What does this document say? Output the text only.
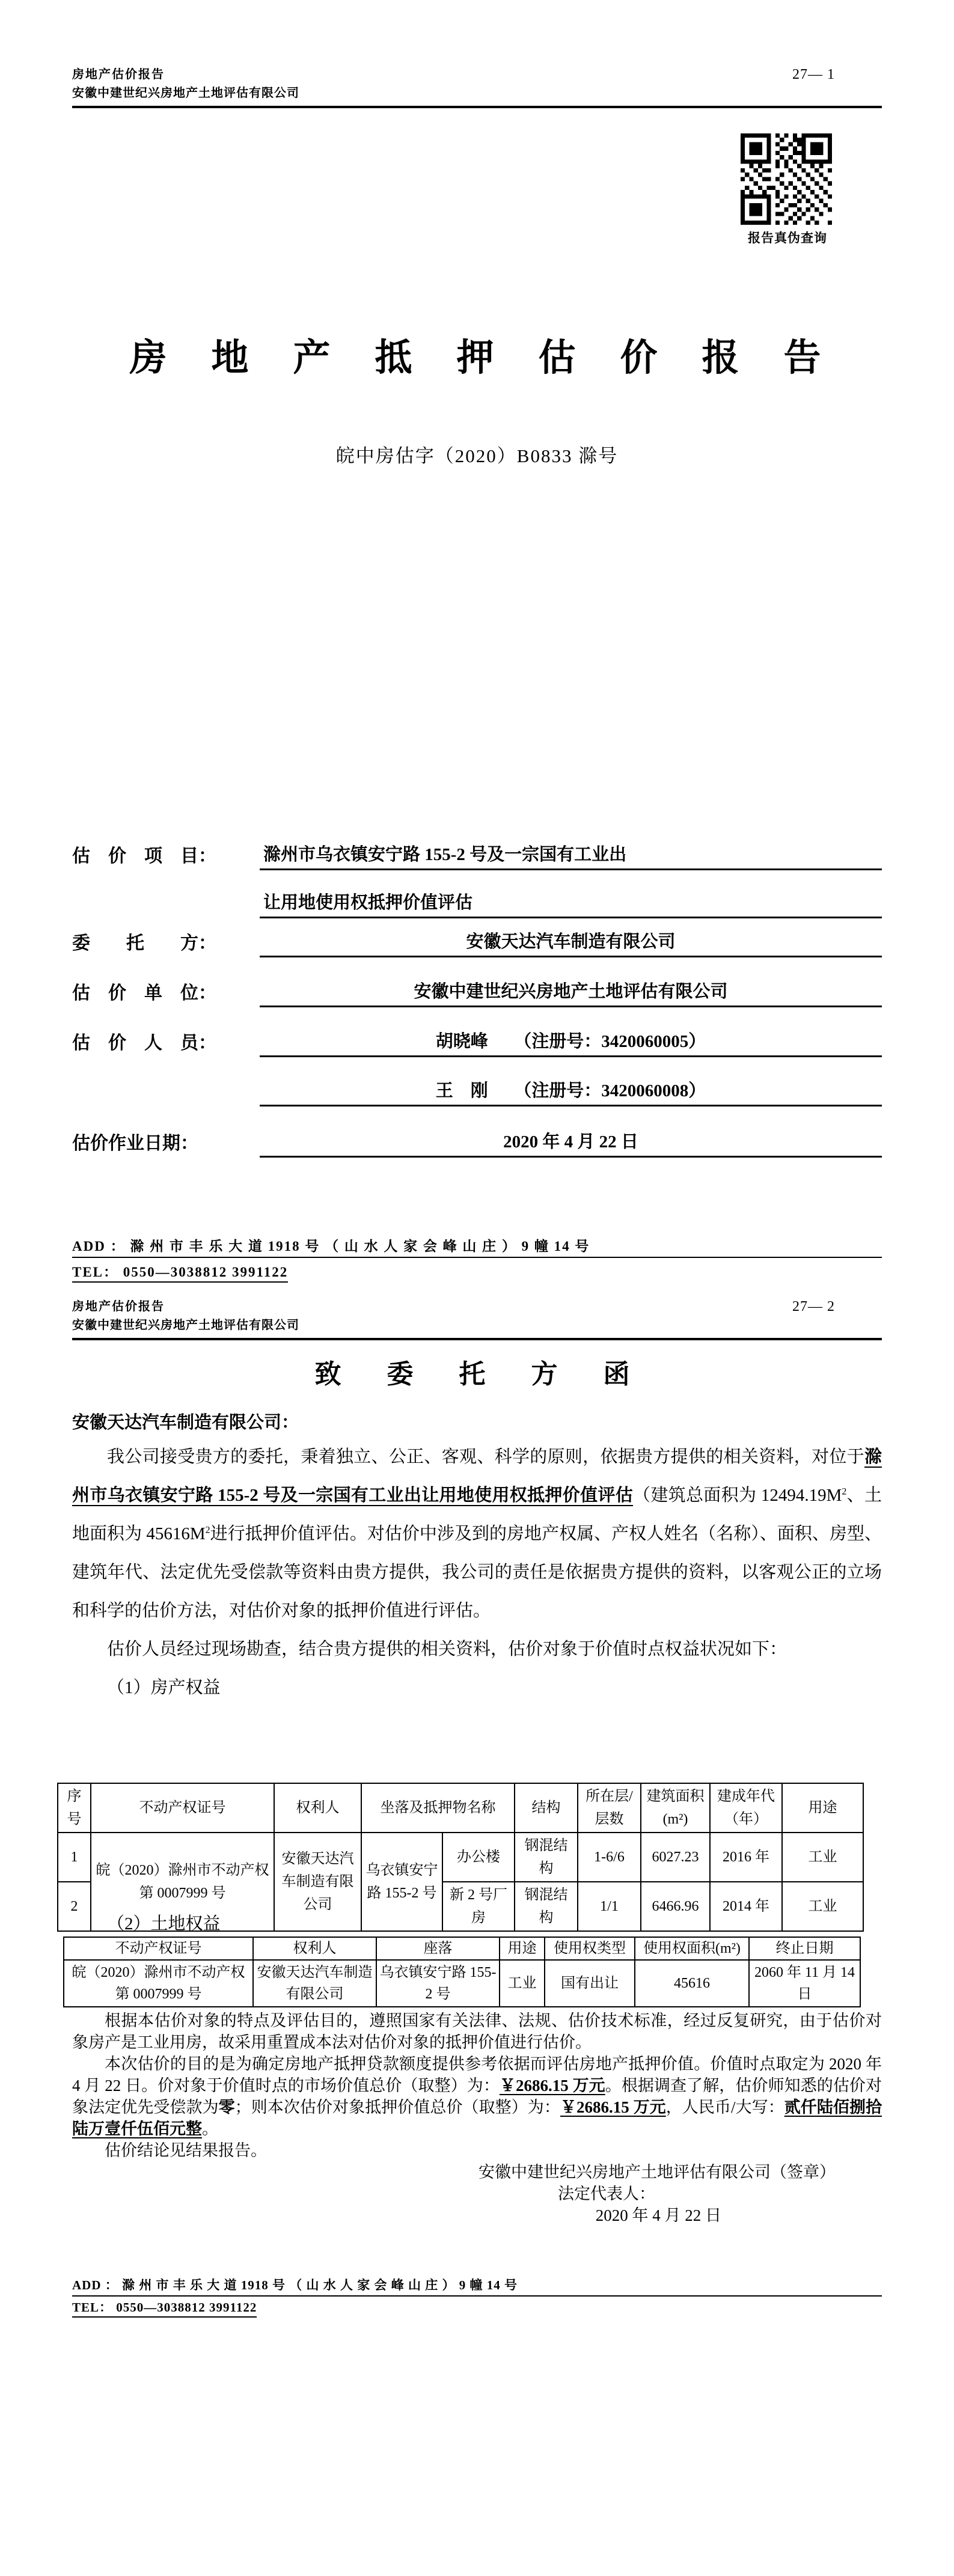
房地产估价报告	27— 1
安徽中建世纪兴房地产土地评估有限公司
报告真伪查询
房　地　产　抵　押　估　价　报　告
皖中房估字（2020）B0833 滁号
估　价　项　目：	滁州市乌衣镇安宁路 155-2 号及一宗国有工业出
让用地使用权抵押价值评估
委　　托　　方：	安徽天达汽车制造有限公司
估　价　单　位：	安徽中建世纪兴房地产土地评估有限公司
估　价　人　员：	胡晓峰　　（注册号：3420060005）
王　刚　　（注册号：3420060008）
估价作业日期：	2020 年 4 月 22 日
ADD ： 滁 州 市 丰 乐 大 道 1918 号 （ 山 水 人 家 会 峰 山 庄 ） 9 幢 14 号
TEL： 0550—3038812 3991122
房地产估价报告	27— 2
安徽中建世纪兴房地产土地评估有限公司
致　委　托　方　函
安徽天达汽车制造有限公司：

我公司接受贵方的委托，秉着独立、公正、客观、科学的原则，依据贵方提供的相关资料，对位于滁州市乌衣镇安宁路 155-2 号及一宗国有工业出让用地使用权抵押价值评估（建筑总面积为 $12494.19M^2$、土地面积为 $45616M^2$进行抵押价值评估。对估价中涉及到的房地产权属、产权人姓名（名称）、面积、房型、建筑年代、法定优先受偿款等资料由贵方提供，我公司的责任是依据贵方提供的资料，以客观公正的立场和科学的估价方法，对估价对象的抵押价值进行评估。

估价人员经过现场勘查，结合贵方提供的相关资料，估价对象于价值时点权益状况如下：

（1）房产权益

序号	不动产权证号	权利人	坐落及抵押物名称		结构	所在层/层数	建筑面积(m²)	建成年代（年）	用途
1	皖（2020）滁州市不动产权第 0007999 号	安徽天达汽车制造有限公司	乌衣镇安宁路 155-2 号	办公楼	钢混结构	1-6/6	6027.23	2016 年	工业
2				新 2 号厂房	钢混结构	1/1	6466.96	2014 年	工业
（2）土地权益
不动产权证号	权利人	座落	用途	使用权类型	使用权面积(m²)	终止日期
皖（2020）滁州市不动产权第 0007999 号	安徽天达汽车制造有限公司	乌衣镇安宁路 155-2 号	工业	国有出让	45616	2060 年 11 月 14 日

根据本估价对象的特点及评估目的，遵照国家有关法律、法规、估价技术标准，经过反复研究，由于估价对象房产是工业用房，故采用重置成本法对估价对象的抵押价值进行估价。

本次估价的目的是为确定房地产抵押贷款额度提供参考依据而评估房地产抵押价值。价值时点取定为 2020 年 4 月 22 日。价对象于价值时点的市场价值总价（取整）为：￥2686.15 万元。根据调查了解，估价师知悉的估价对象法定优先受偿款为零；则本次估价对象抵押价值总价（取整）为：￥2686.15 万元，人民币/大写：贰仟陆佰捌拾陆万壹仟伍佰元整。

估价结论见结果报告。

安徽中建世纪兴房地产土地评估有限公司（签章）

法定代表人：

2020 年 4 月 22 日

ADD ： 滁 州 市 丰 乐 大 道 1918 号 （ 山 水 人 家 会 峰 山 庄 ） 9 幢 14 号
TEL： 0550—3038812 3991122
